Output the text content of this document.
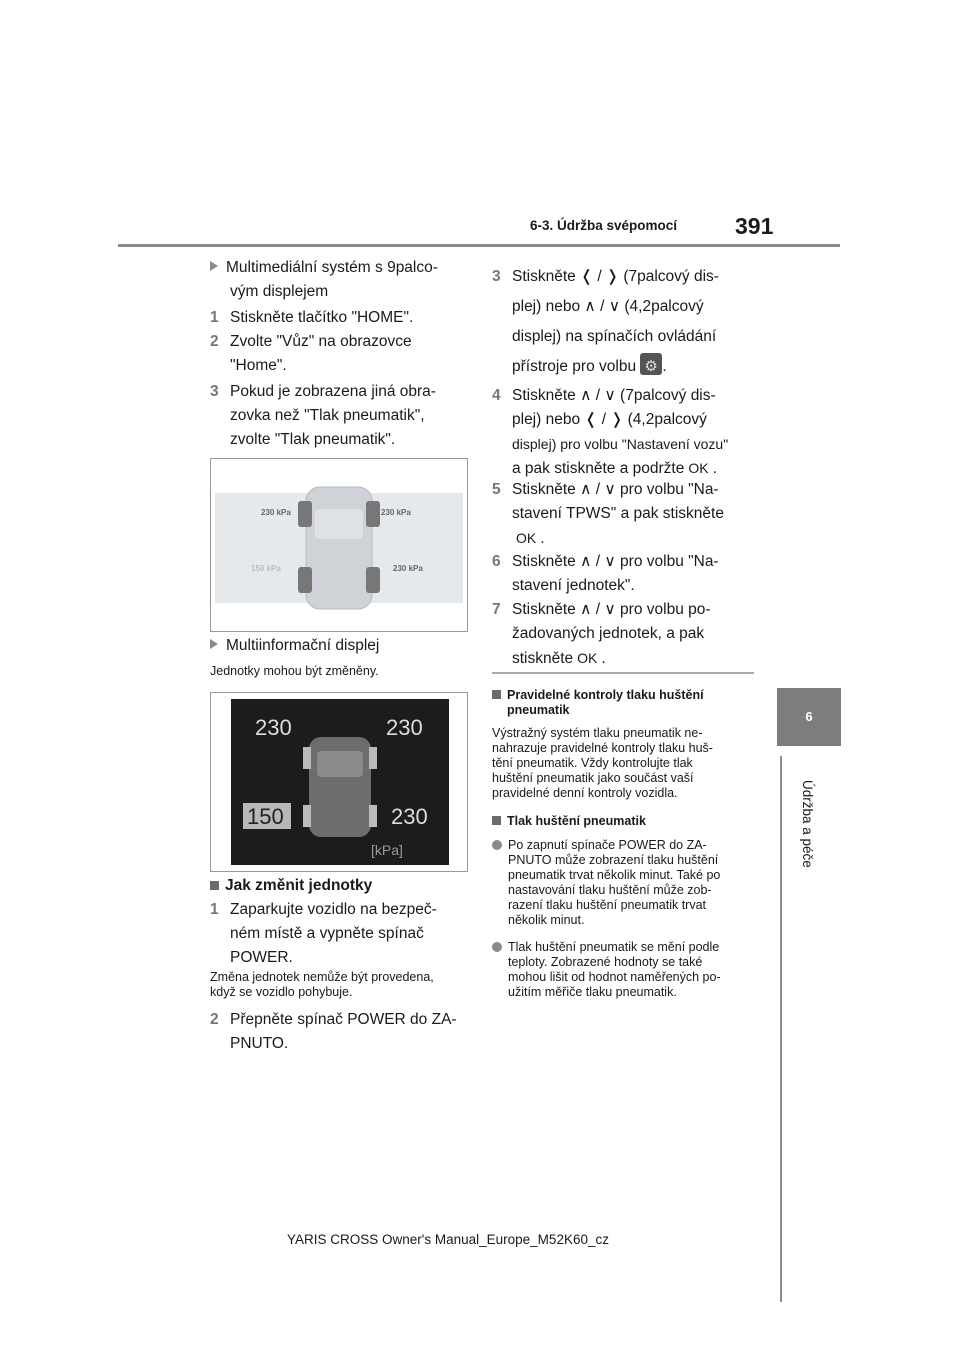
6-3. Údržba svépomocí	391
6
Údržba a péče
Multimediální systém s 9palco-
vým displejem
1 Stiskněte tlačítko "HOME".
2 Zvolte "Vůz" na obrazovce
"Home".
3 Pokud je zobrazena jiná obra-
zovka než "Tlak pneumatik",
zvolte "Tlak pneumatik".
230 kPa	230 kPa
150 kPa	230 kPa
Multiinformační displej
Jednotky mohou být změněny.
230	230
150	230
[kPa]
Jak změnit jednotky
1 Zaparkujte vozidlo na bezpeč-
ném místě a vypněte spínač
POWER.
Změna jednotek nemůže být provedena,
když se vozidlo pohybuje.
2 Přepněte spínač POWER do ZA-
PNUTO.
3 Stiskněte ❬ / ❭ (7palcový dis-
plej) nebo ∧ / ∨ (4,2palcový
displej) na spínačích ovládání
přístroje pro volbu ⚙ .
4 Stiskněte ∧ / ∨ (7palcový dis-
plej) nebo ❬ / ❭ (4,2palcový
displej) pro volbu "Nastavení vozu"
a pak stiskněte a podržte OK .
5 Stiskněte ∧ / ∨ pro volbu "Na-
stavení TPWS" a pak stiskněte
OK .
6 Stiskněte ∧ / ∨ pro volbu "Na-
stavení jednotek".
7 Stiskněte ∧ / ∨ pro volbu po-
žadovaných jednotek, a pak
stiskněte OK .
Pravidelné kontroly tlaku huštění
pneumatik
Výstražný systém tlaku pneumatik ne-
nahrazuje pravidelné kontroly tlaku huš-
tění pneumatik. Vždy kontrolujte tlak
huštění pneumatik jako součást vaší
pravidelné denní kontroly vozidla.
Tlak huštění pneumatik
Po zapnutí spínače POWER do ZA-
PNUTO může zobrazení tlaku huštění
pneumatik trvat několik minut. Také po
nastavování tlaku huštění může zob-
razení tlaku huštění pneumatik trvat
několik minut.
Tlak huštění pneumatik se mění podle
teploty. Zobrazené hodnoty se také
mohou lišit od hodnot naměřených po-
užitím měřiče tlaku pneumatik.
YARIS CROSS Owner's Manual_Europe_M52K60_cz
